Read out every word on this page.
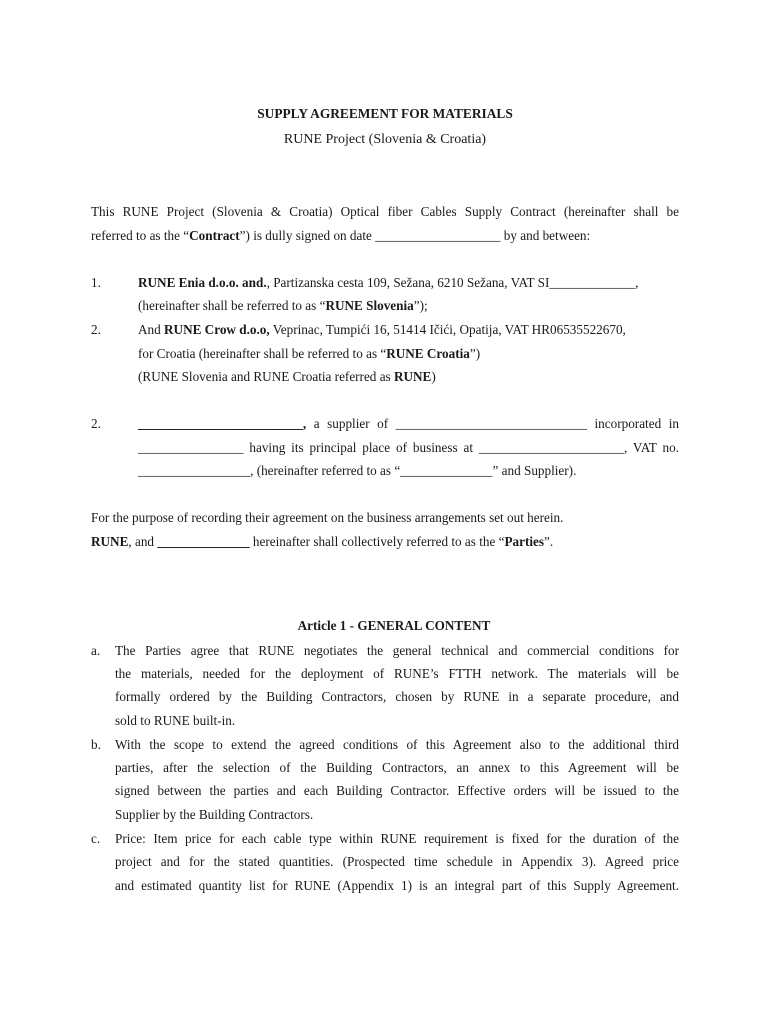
SUPPLY AGREEMENT FOR MATERIALS
RUNE Project (Slovenia & Croatia)
This RUNE Project (Slovenia & Croatia) Optical fiber Cables Supply Contract (hereinafter shall be
referred to as the “Contract”) is dully signed on date ___________________ by and between:
1.	RUNE Enia d.o.o. and., Partizanska cesta 109, Sežana, 6210 Sežana, VAT SI_____________,
(hereinafter shall be referred to as “RUNE Slovenia”);
2.	And RUNE Crow d.o.o, Veprinac, Tumpići 16, 51414 Ičići, Opatija, VAT HR06535522670,
for Croatia (hereinafter shall be referred to as “RUNE Croatia”)
(RUNE Slovenia and RUNE Croatia referred as RUNE)
2.	_________________________, a supplier of _____________________________ incorporated in
________________ having its principal place of business at ______________________, VAT no.
_________________, (hereinafter referred to as “______________” and Supplier).
For the purpose of recording their agreement on the business arrangements set out herein.
RUNE, and ______________ hereinafter shall collectively referred to as the “Parties”.
Article 1 - GENERAL CONTENT
a. The Parties agree that RUNE negotiates the general technical and commercial conditions for
the materials, needed for the deployment of RUNE’s FTTH network. The materials will be
formally ordered by the Building Contractors, chosen by RUNE in a separate procedure, and
sold to RUNE built-in.
b. With the scope to extend the agreed conditions of this Agreement also to the additional third
parties, after the selection of the Building Contractors, an annex to this Agreement will be
signed between the parties and each Building Contractor. Effective orders will be issued to the
Supplier by the Building Contractors.
c. Price: Item price for each cable type within RUNE requirement is fixed for the duration of the
project and for the stated quantities. (Prospected time schedule in Appendix 3). Agreed price
and estimated quantity list for RUNE (Appendix 1) is an integral part of this Supply Agreement.
